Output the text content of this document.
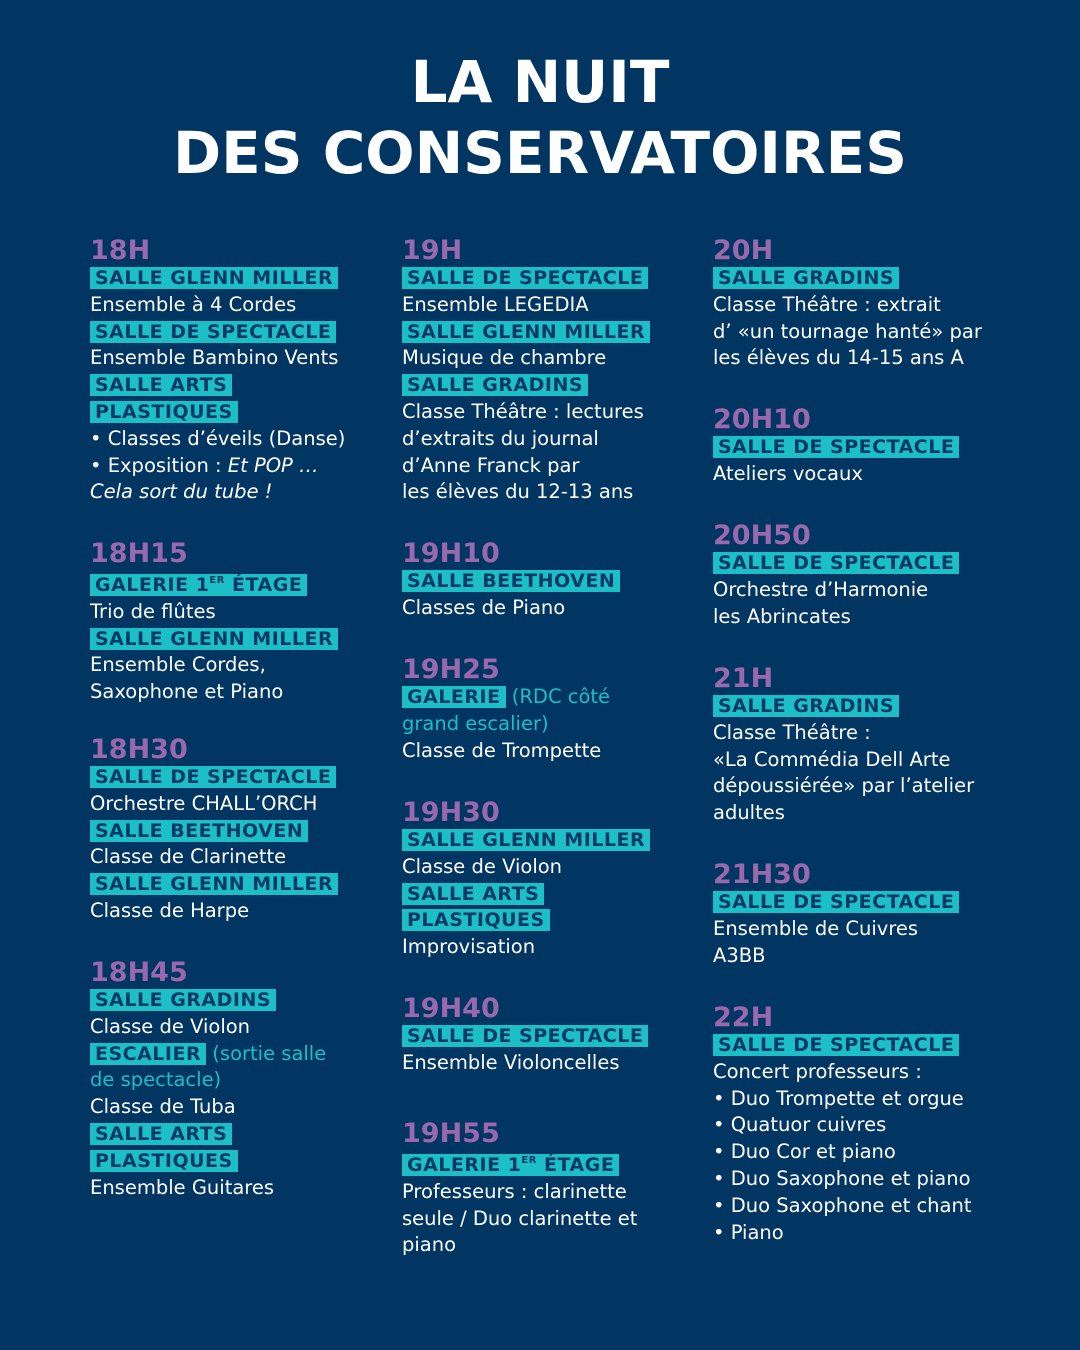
LA NUIT
DES CONSERVATOIRES
18H
SALLE GLENN MILLER
Ensemble à 4 Cordes
SALLE DE SPECTACLE
Ensemble Bambino Vents
SALLE ARTS
PLASTIQUES
• Classes d’éveils (Danse)
• Exposition : Et POP …
Cela sort du tube !
18H15
GALERIE 1ER ÉTAGE
Trio de flûtes
SALLE GLENN MILLER
Ensemble Cordes,
Saxophone et Piano
18H30
SALLE DE SPECTACLE
Orchestre CHALL’ORCH
SALLE BEETHOVEN
Classe de Clarinette
SALLE GLENN MILLER
Classe de Harpe
18H45
SALLE GRADINS
Classe de Violon
ESCALIER (sortie salle
de spectacle)
Classe de Tuba
SALLE ARTS
PLASTIQUES
Ensemble Guitares
19H
SALLE DE SPECTACLE
Ensemble LEGEDIA
SALLE GLENN MILLER
Musique de chambre
SALLE GRADINS
Classe Théâtre : lectures
d’extraits du journal
d’Anne Franck par
les élèves du 12-13 ans
19H10
SALLE BEETHOVEN
Classes de Piano
19H25
GALERIE (RDC côté
grand escalier)
Classe de Trompette
19H30
SALLE GLENN MILLER
Classe de Violon
SALLE ARTS
PLASTIQUES
Improvisation
19H40
SALLE DE SPECTACLE
Ensemble Violoncelles
19H55
GALERIE 1ER ÉTAGE
Professeurs : clarinette
seule / Duo clarinette et
piano
20H
SALLE GRADINS
Classe Théâtre : extrait
d’ «un tournage hanté» par
les élèves du 14-15 ans A
20H10
SALLE DE SPECTACLE
Ateliers vocaux
20H50
SALLE DE SPECTACLE
Orchestre d’Harmonie
les Abrincates
21H
SALLE GRADINS
Classe Théâtre :
«La Commédia Dell Arte
dépoussiérée» par l’atelier
adultes
21H30
SALLE DE SPECTACLE
Ensemble de Cuivres
A3BB
22H
SALLE DE SPECTACLE
Concert professeurs :
• Duo Trompette et orgue
• Quatuor cuivres
• Duo Cor et piano
• Duo Saxophone et piano
• Duo Saxophone et chant
• Piano
